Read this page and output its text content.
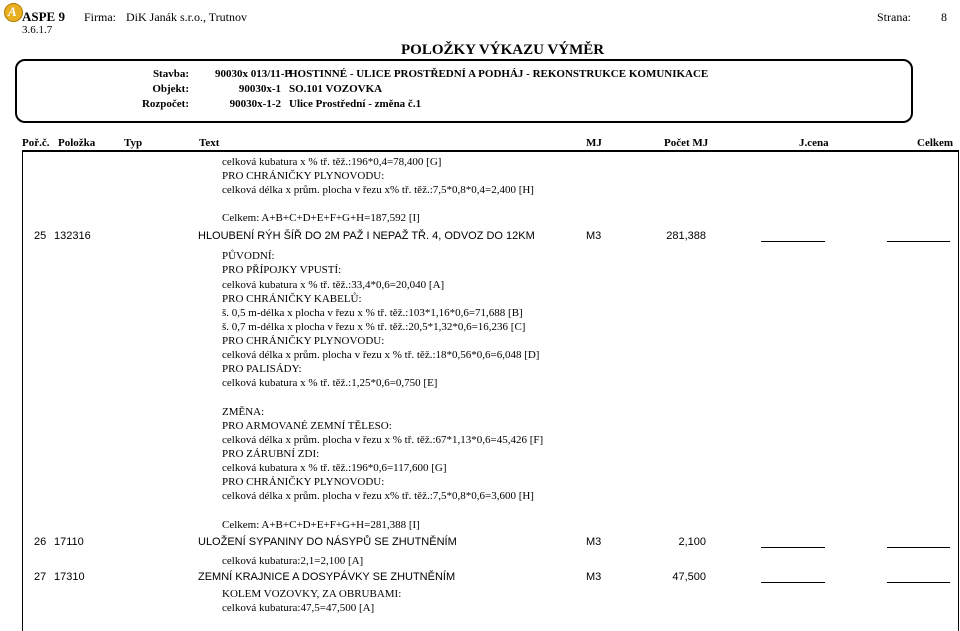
A ASPE 9
3.6.1.7
Firma: DiK Janák s.r.o., Trutnov	Strana:	8
POLOŽKY VÝKAZU VÝMĚR
Stavba: 90030x 013/11-P
HOSTINNÉ - ULICE PROSTŘEDNÍ A PODHÁJ - REKONSTRUKCE KOMUNIKACE
Objekt:	90030x-1 SO.101 VOZOVKA
Rozpočet:	90030x-1-2 Ulice Prostřední - změna č.1
Poř.č. Položka	Typ	Text	MJ	Počet MJ	J.cena	Celkem
celková kubatura x % tř. těž.:196*0,4=78,400 [G]
PRO CHRÁNIČKY PLYNOVODU:
celková délka x prům. plocha v řezu x% tř. těž.:7,5*0,8*0,4=2,400 [H]
Celkem: A+B+C+D+E+F+G+H=187,592 [I]
25 132316	HLOUBENÍ RÝH ŠÍŘ DO 2M PAŽ I NEPAŽ TŘ. 4, ODVOZ DO 12KM	M3	281,388
PŮVODNÍ:
PRO PŘÍPOJKY VPUSTÍ:
celková kubatura x % tř. těž.:33,4*0,6=20,040 [A]
PRO CHRÁNIČKY KABELŮ:
š. 0,5 m-délka x plocha v řezu x % tř. těž.:103*1,16*0,6=71,688 [B]
š. 0,7 m-délka x plocha v řezu x % tř. těž.:20,5*1,32*0,6=16,236 [C]
PRO CHRÁNIČKY PLYNOVODU:
celková délka x prům. plocha v řezu x % tř. těž.:18*0,56*0,6=6,048 [D]
PRO PALISÁDY:
celková kubatura x % tř. těž.:1,25*0,6=0,750 [E]
ZMĚNA:
PRO ARMOVANÉ ZEMNÍ TĚLESO:
celková délka x prům. plocha v řezu x % tř. těž.:67*1,13*0,6=45,426 [F]
PRO ZÁRUBNÍ ZDI:
celková kubatura x % tř. těž.:196*0,6=117,600 [G]
PRO CHRÁNIČKY PLYNOVODU:
celková délka x prům. plocha v řezu x% tř. těž.:7,5*0,8*0,6=3,600 [H]
Celkem: A+B+C+D+E+F+G+H=281,388 [I]
26 17110	ULOŽENÍ SYPANINY DO NÁSYPŮ SE ZHUTNĚNÍM	M3	2,100
celková kubatura:2,1=2,100 [A]
27 17310	ZEMNÍ KRAJNICE A DOSYPÁVKY SE ZHUTNĚNÍM	M3	47,500
KOLEM VOZOVKY, ZA OBRUBAMI:
celková kubatura:47,5=47,500 [A]
